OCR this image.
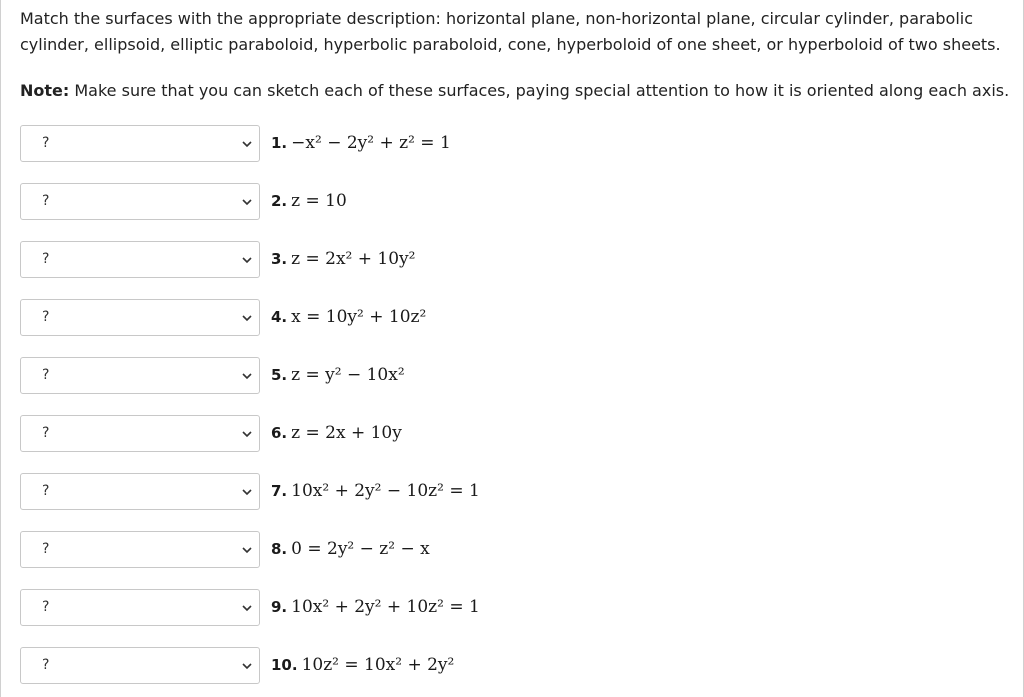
Match the surfaces with the appropriate description: horizontal plane, non-horizontal plane, circular cylinder, parabolic cylinder, ellipsoid, elliptic paraboloid, hyperbolic paraboloid, cone, hyperboloid of one sheet, or hyperboloid of two sheets.

Note: Make sure that you can sketch each of these surfaces, paying special attention to how it is oriented along each axis.

?	1. −x² − 2y² + z² = 1
?	2. z = 10
?	3. z = 2x² + 10y²
?	4. x = 10y² + 10z²
?	5. z = y² − 10x²
?	6. z = 2x + 10y
?	7. 10x² + 2y² − 10z² = 1
?	8. 0 = 2y² − z² − x
?	9. 10x² + 2y² + 10z² = 1
?	10. 10z² = 10x² + 2y²
